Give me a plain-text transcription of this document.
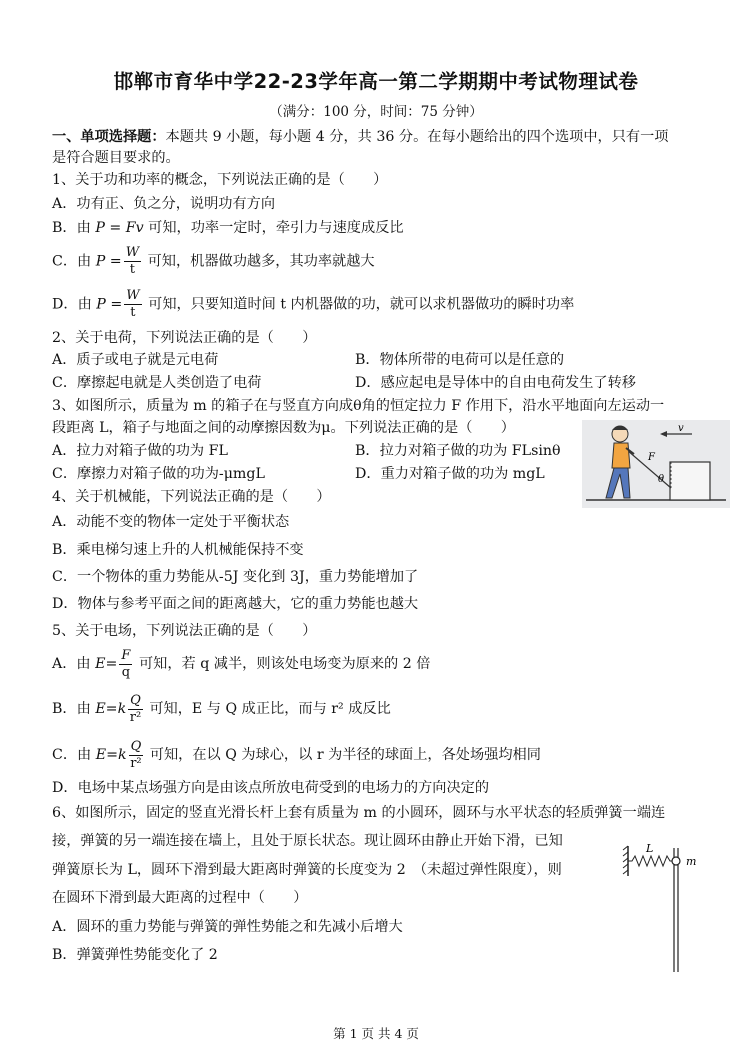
邯郸市育华中学22-23学年高一第二学期期中考试物理试卷
（满分：100 分，时间：75 分钟）
一、单项选择题：本题共 9 小题，每小题 4 分，共 36 分。在每小题给出的四个选项中，只有一项
是符合题目要求的。
1、关于功和功率的概念，下列说法正确的是（　　）
A．功有正、负之分，说明功有方向
B．由 P = Fv 可知，功率一定时，牵引力与速度成反比
C．由 $P = \frac{W}{t}$ 可知，机器做功越多，其功率就越大
D．由 $P = \frac{W}{t}$ 可知，只要知道时间 t 内机器做的功，就可以求机器做功的瞬时功率
2、关于电荷，下列说法正确的是（　　）
A．质子或电子就是元电荷	B．物体所带的电荷可以是任意的
C．摩擦起电就是人类创造了电荷	D．感应起电是导体中的自由电荷发生了转移
3、如图所示，质量为 m 的箱子在与竖直方向成θ角的恒定拉力 F 作用下，沿水平地面向左运动一
段距离 L，箱子与地面之间的动摩擦因数为μ。下列说法正确的是（　　）
A．拉力对箱子做的功为 FL	B．拉力对箱子做的功为 FLsinθ
C．摩擦力对箱子做的功为-μmgL	D．重力对箱子做的功为 mgL
v
F
θ
4、关于机械能，下列说法正确的是（　　）
A．动能不变的物体一定处于平衡状态
B．乘电梯匀速上升的人机械能保持不变
C．一个物体的重力势能从-5J 变化到 3J，重力势能增加了
D．物体与参考平面之间的距离越大，它的重力势能也越大
5、关于电场，下列说法正确的是（　　）
A．由 $E= \frac{F}{q}$ 可知，若 q 减半，则该处电场变为原来的 2 倍
B．由 $E=k \frac{Q}{\text{r²}}$ 可知，E 与 Q 成正比，而与 r² 成反比
C．由 $E=k \frac{Q}{\text{r²}}$ 可知，在以 Q 为球心，以 r 为半径的球面上，各处场强均相同
D．电场中某点场强方向是由该点所放电荷受到的电场力的方向决定的
6、如图所示，固定的竖直光滑长杆上套有质量为 m 的小圆环，圆环与水平状态的轻质弹簧一端连
接，弹簧的另一端连接在墙上，且处于原长状态。现让圆环由静止开始下滑，已知
弹簧原长为 L，圆环下滑到最大距离时弹簧的长度变为 2　（未超过弹性限度），则
在圆环下滑到最大距离的过程中（　　）
A．圆环的重力势能与弹簧的弹性势能之和先减小后增大
B．弹簧弹性势能变化了 2
L
m
第 1 页 共 4 页
